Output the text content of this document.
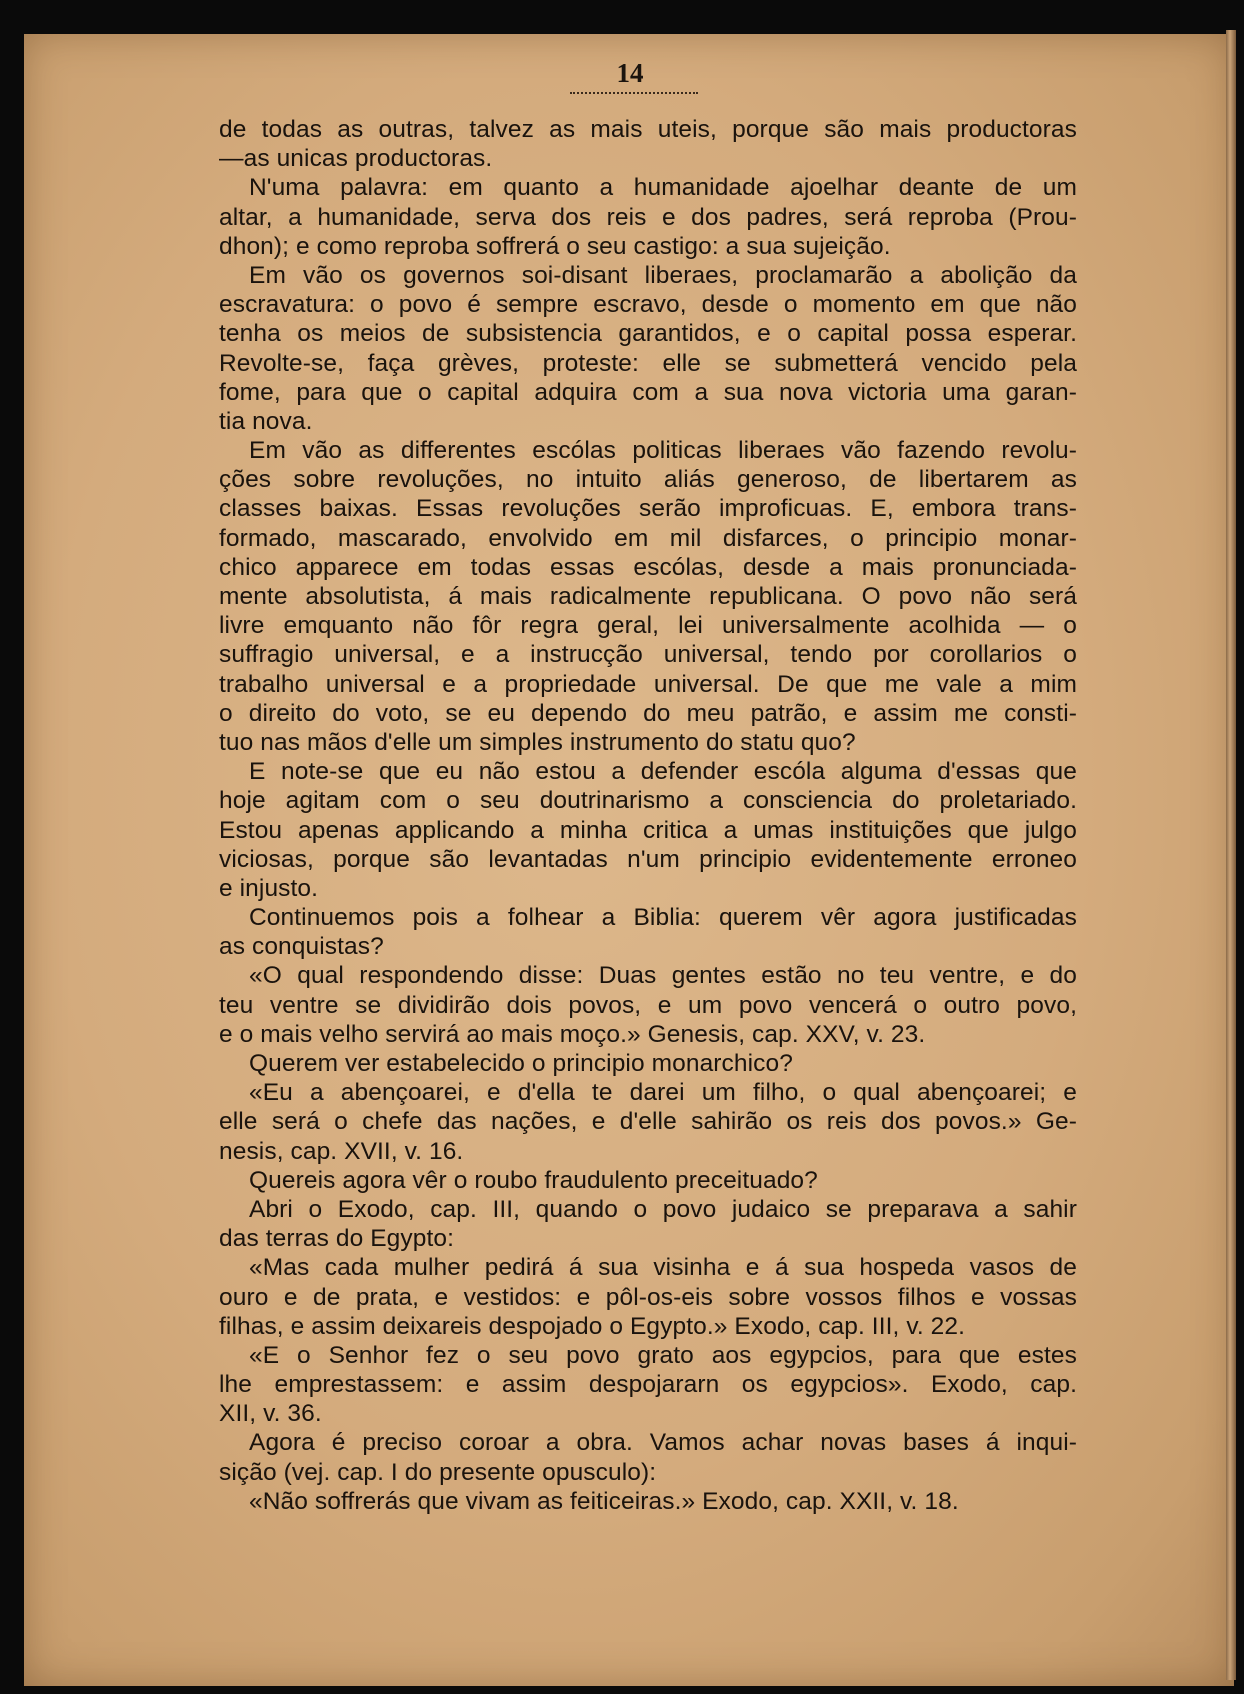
14
de todas as outras, talvez as mais uteis, porque são mais productoras
—as unicas productoras.
N'uma palavra: em quanto a humanidade ajoelhar deante de um
altar, a humanidade, serva dos reis e dos padres, será reproba (Prou-
dhon); e como reproba soffrerá o seu castigo: a sua sujeição.
Em vão os governos soi-disant liberaes, proclamarão a abolição da
escravatura: o povo é sempre escravo, desde o momento em que não
tenha os meios de subsistencia garantidos, e o capital possa esperar.
Revolte-se, faça grèves, proteste: elle se submetterá vencido pela
fome, para que o capital adquira com a sua nova victoria uma garan-
tia nova.
Em vão as differentes escólas politicas liberaes vão fazendo revolu-
ções sobre revoluções, no intuito aliás generoso, de libertarem as
classes baixas. Essas revoluções serão improficuas. E, embora trans-
formado, mascarado, envolvido em mil disfarces, o principio monar-
chico apparece em todas essas escólas, desde a mais pronunciada-
mente absolutista, á mais radicalmente republicana. O povo não será
livre emquanto não fôr regra geral, lei universalmente acolhida — o
suffragio universal, e a instrucção universal, tendo por corollarios o
trabalho universal e a propriedade universal. De que me vale a mim
o direito do voto, se eu dependo do meu patrão, e assim me consti-
tuo nas mãos d'elle um simples instrumento do statu quo?
E note-se que eu não estou a defender escóla alguma d'essas que
hoje agitam com o seu doutrinarismo a consciencia do proletariado.
Estou apenas applicando a minha critica a umas instituições que julgo
viciosas, porque são levantadas n'um principio evidentemente erroneo
e injusto.
Continuemos pois a folhear a Biblia: querem vêr agora justificadas
as conquistas?
«O qual respondendo disse: Duas gentes estão no teu ventre, e do
teu ventre se dividirão dois povos, e um povo vencerá o outro povo,
e o mais velho servirá ao mais moço.» Genesis, cap. XXV, v. 23.
Querem ver estabelecido o principio monarchico?
«Eu a abençoarei, e d'ella te darei um filho, o qual abençoarei; e
elle será o chefe das nações, e d'elle sahirão os reis dos povos.» Ge-
nesis, cap. XVII, v. 16.
Quereis agora vêr o roubo fraudulento preceituado?
Abri o Exodo, cap. III, quando o povo judaico se preparava a sahir
das terras do Egypto:
«Mas cada mulher pedirá á sua visinha e á sua hospeda vasos de
ouro e de prata, e vestidos: e pôl-os-eis sobre vossos filhos e vossas
filhas, e assim deixareis despojado o Egypto.» Exodo, cap. III, v. 22.
«E o Senhor fez o seu povo grato aos egypcios, para que estes
lhe emprestassem: e assim despojararn os egypcios». Exodo, cap.
XII, v. 36.
Agora é preciso coroar a obra. Vamos achar novas bases á inqui-
sição (vej. cap. I do presente opusculo):
«Não soffrerás que vivam as feiticeiras.» Exodo, cap. XXII, v. 18.
